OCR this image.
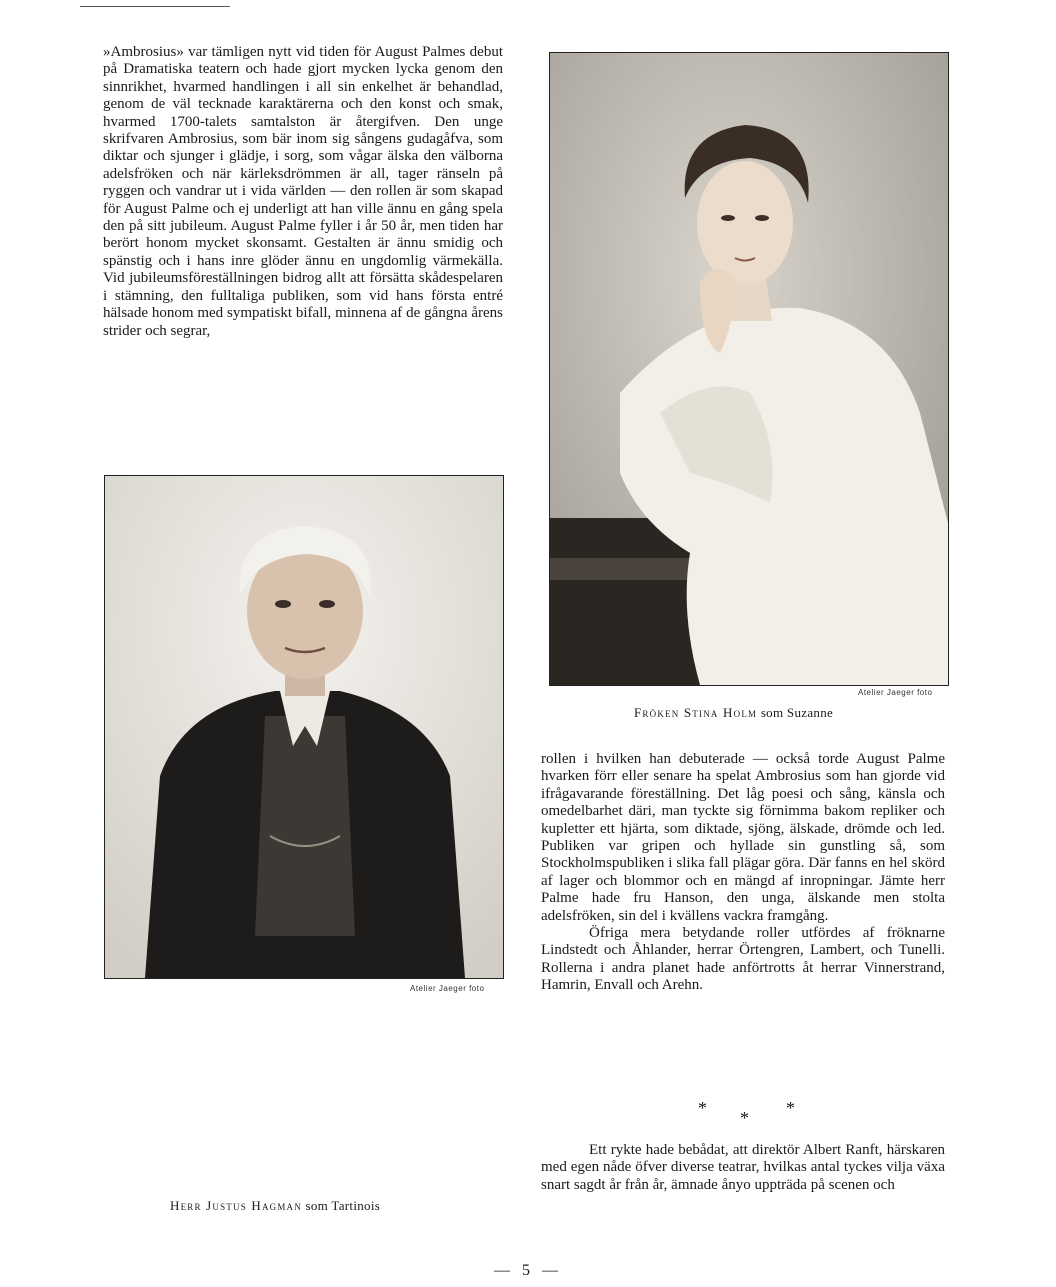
»Ambrosius» var tämligen nytt vid tiden för August Palmes debut på Dramatiska teatern och hade gjort mycken lycka genom den sinnrikhet, hvarmed handlingen i all sin enkelhet är behandlad, genom de väl tecknade karaktärerna och den konst och smak, hvarmed 1700-talets samtalston är återgifven. Den unge skrifvaren Ambrosius, som bär inom sig sångens gudagåfva, som diktar och sjunger i glädje, i sorg, som vågar älska den välborna adelsfröken och när kärleksdrömmen är all, tager ränseln på ryggen och vandrar ut i vida världen — den rollen är som skapad för August Palme och ej underligt att han ville ännu en gång spela den på sitt jubileum. August Palme fyller i år 50 år, men tiden har berört honom mycket skonsamt. Gestalten är ännu smidig och spänstig och i hans inre glöder ännu en ungdomlig värmekälla. Vid jubileumsföreställningen bidrog allt att försätta skådespelaren i stämning, den fulltaliga publiken, som vid hans första entré hälsade honom med sympatiskt bifall, minnena af de gångna årens strider och segrar,

Atelier Jaeger foto
Fröken Stina Holm som Suzanne
Atelier Jaeger foto
Herr Justus Hagman som Tartinois

rollen i hvilken han debuterade — också torde August Palme hvarken förr eller senare ha spelat Ambrosius som han gjorde vid ifrågavarande föreställning. Det låg poesi och sång, känsla och omedelbarhet däri, man tyckte sig förnimma bakom repliker och kupletter ett hjärta, som diktade, sjöng, älskade, drömde och led. Publiken var gripen och hyllade sin gunstling så, som Stockholmspubliken i slika fall plägar göra. Där fanns en hel skörd af lager och blommor och en mängd af inropningar. Jämte herr Palme hade fru Hanson, den unga, älskande men stolta adelsfröken, sin del i kvällens vackra framgång.

Öfriga mera betydande roller utfördes af fröknarne Lindstedt och Åhlander, herrar Örtengren, Lambert, och Tunelli. Rollerna i andra planet hade anförtrotts åt herrar Vinnerstrand, Hamrin, Envall och Arehn.

* * *

Ett rykte hade bebådat, att direktör Albert Ranft, härskaren med egen nåde öfver diverse teatrar, hvilkas antal tyckes vilja växa snart sagdt år från år, ämnade ånyo uppträda på scenen och

— 5 —
